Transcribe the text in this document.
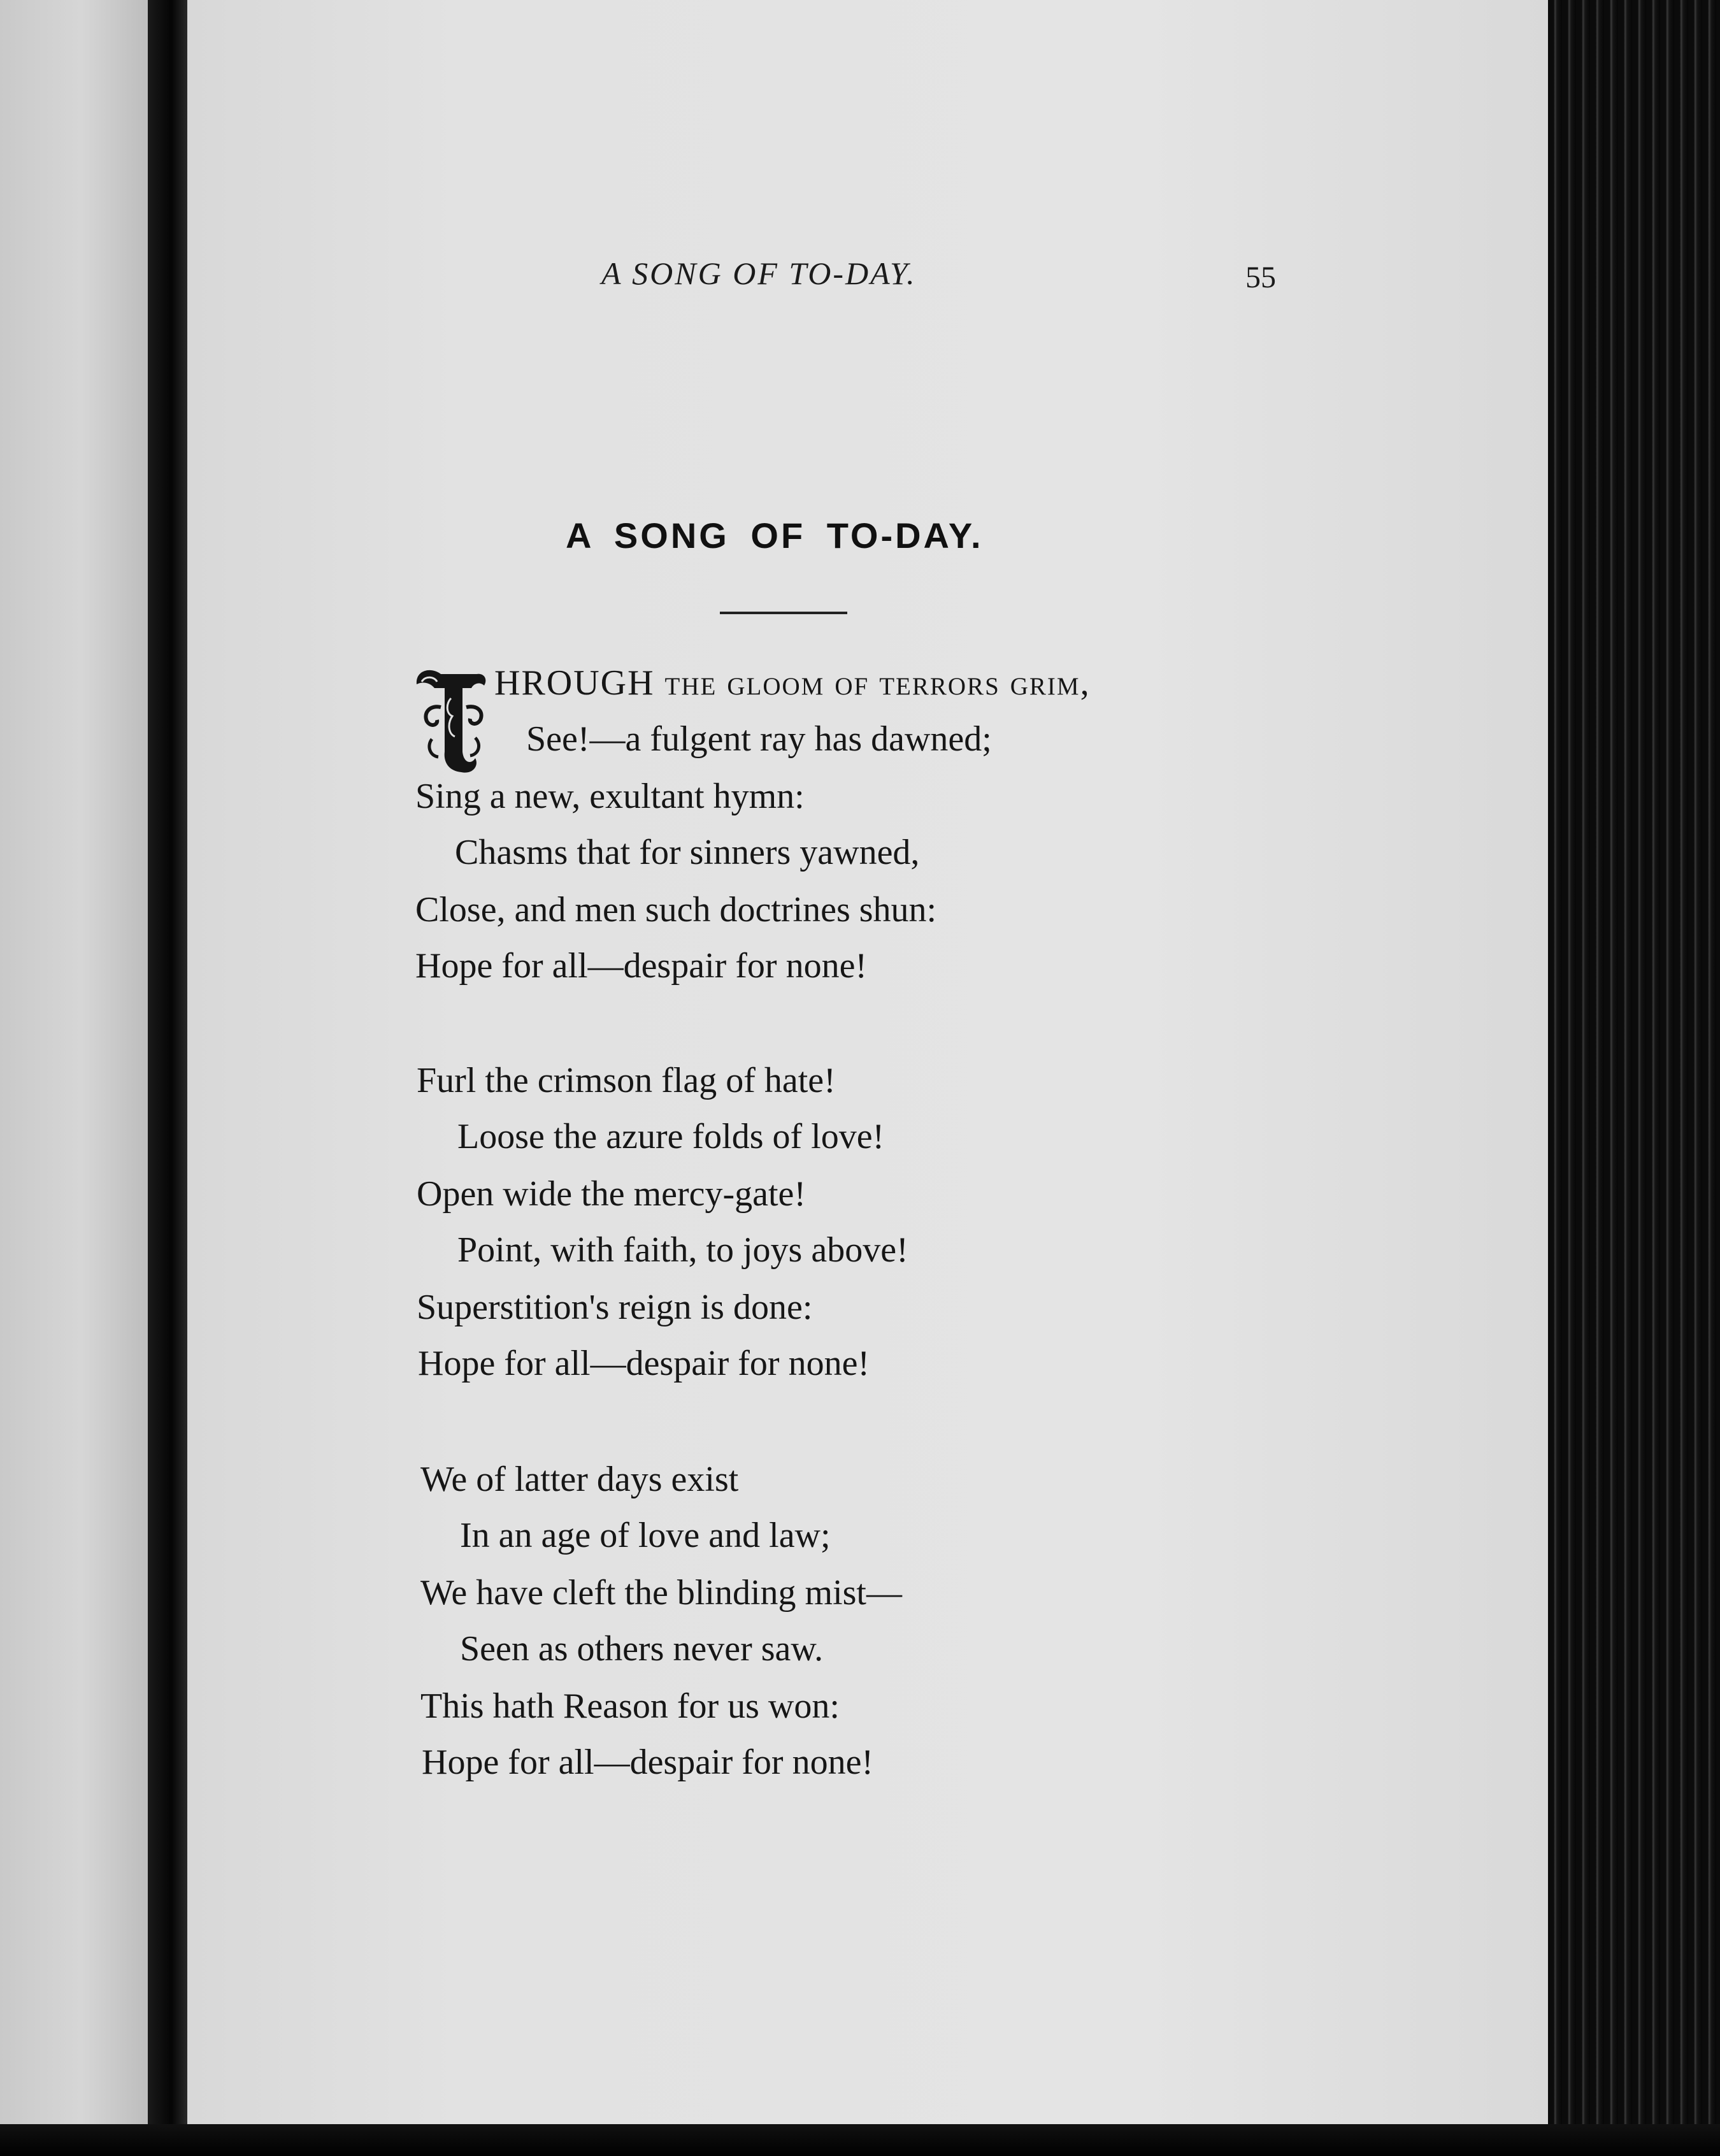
A SONG OF TO-DAY.	55
A SONG OF TO-DAY.
HROUGH the gloom of terrors grim,
See!—a fulgent ray has dawned;
Sing a new, exultant hymn:
Chasms that for sinners yawned,
Close, and men such doctrines shun:
Hope for all—despair for none!
Furl the crimson flag of hate!
Loose the azure folds of love!
Open wide the mercy-gate!
Point, with faith, to joys above!
Superstition's reign is done:
Hope for all—despair for none!
We of latter days exist
In an age of love and law;
We have cleft the blinding mist—
Seen as others never saw.
This hath Reason for us won:
Hope for all—despair for none!
